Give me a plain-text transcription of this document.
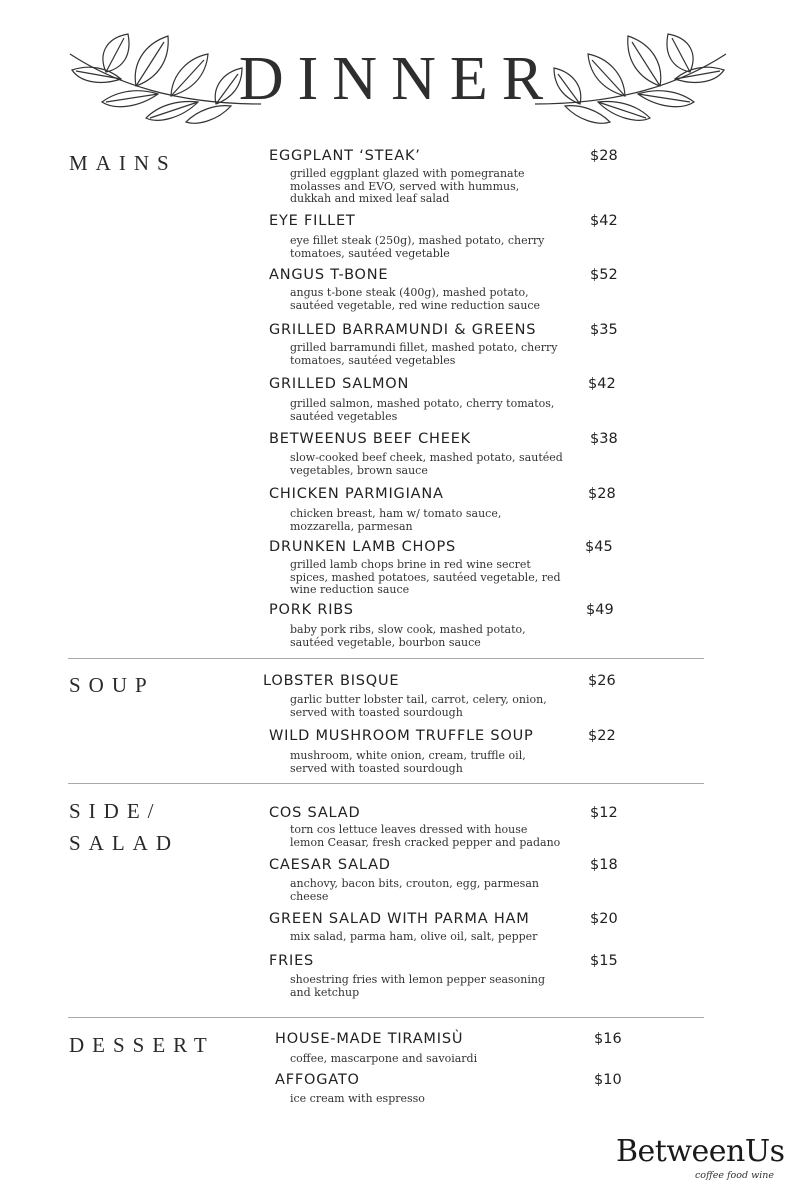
DINNER
MAINS
SOUP
SIDE/
SALAD
DESSERT

EGGPLANT ‘STEAK’	$28

grilled eggplant glazed with pomegranate
molasses and EVO, served with hummus,
dukkah and mixed leaf salad

EYE FILLET	$42

eye fillet steak (250g), mashed potato, cherry
tomatoes, sautéed vegetable

ANGUS T-BONE	$52

angus t-bone steak (400g), mashed potato,
sautéed vegetable, red wine reduction sauce

GRILLED BARRAMUNDI & GREENS	$35

grilled barramundi fillet, mashed potato, cherry
tomatoes, sautéed vegetables

GRILLED SALMON	$42

grilled salmon, mashed potato, cherry tomatos,
sautéed vegetables

BETWEENUS BEEF CHEEK	$38

slow-cooked beef cheek, mashed potato, sautéed
vegetables, brown sauce

CHICKEN PARMIGIANA	$28

chicken breast, ham w/ tomato sauce,
mozzarella, parmesan

DRUNKEN LAMB CHOPS	$45

grilled lamb chops brine in red wine secret
spices, mashed potatoes, sautéed vegetable, red
wine reduction sauce

PORK RIBS	$49

baby pork ribs, slow cook, mashed potato,
sautéed vegetable, bourbon sauce

LOBSTER BISQUE	$26

garlic butter lobster tail, carrot, celery, onion,
served with toasted sourdough

WILD MUSHROOM TRUFFLE SOUP	$22

mushroom, white onion, cream, truffle oil,
served with toasted sourdough

COS SALAD	$12

torn cos lettuce leaves dressed with house
lemon Ceasar, fresh cracked pepper and padano

CAESAR SALAD	$18

anchovy, bacon bits, crouton, egg, parmesan
cheese

GREEN SALAD WITH PARMA HAM	$20

mix salad, parma ham, olive oil, salt, pepper

FRIES	$15

shoestring fries with lemon pepper seasoning
and ketchup

HOUSE-MADE TIRAMISÙ	$16

coffee, mascarpone and savoiardi

AFFOGATO	$10

ice cream with espresso
BetweenUs
coffee food wine
